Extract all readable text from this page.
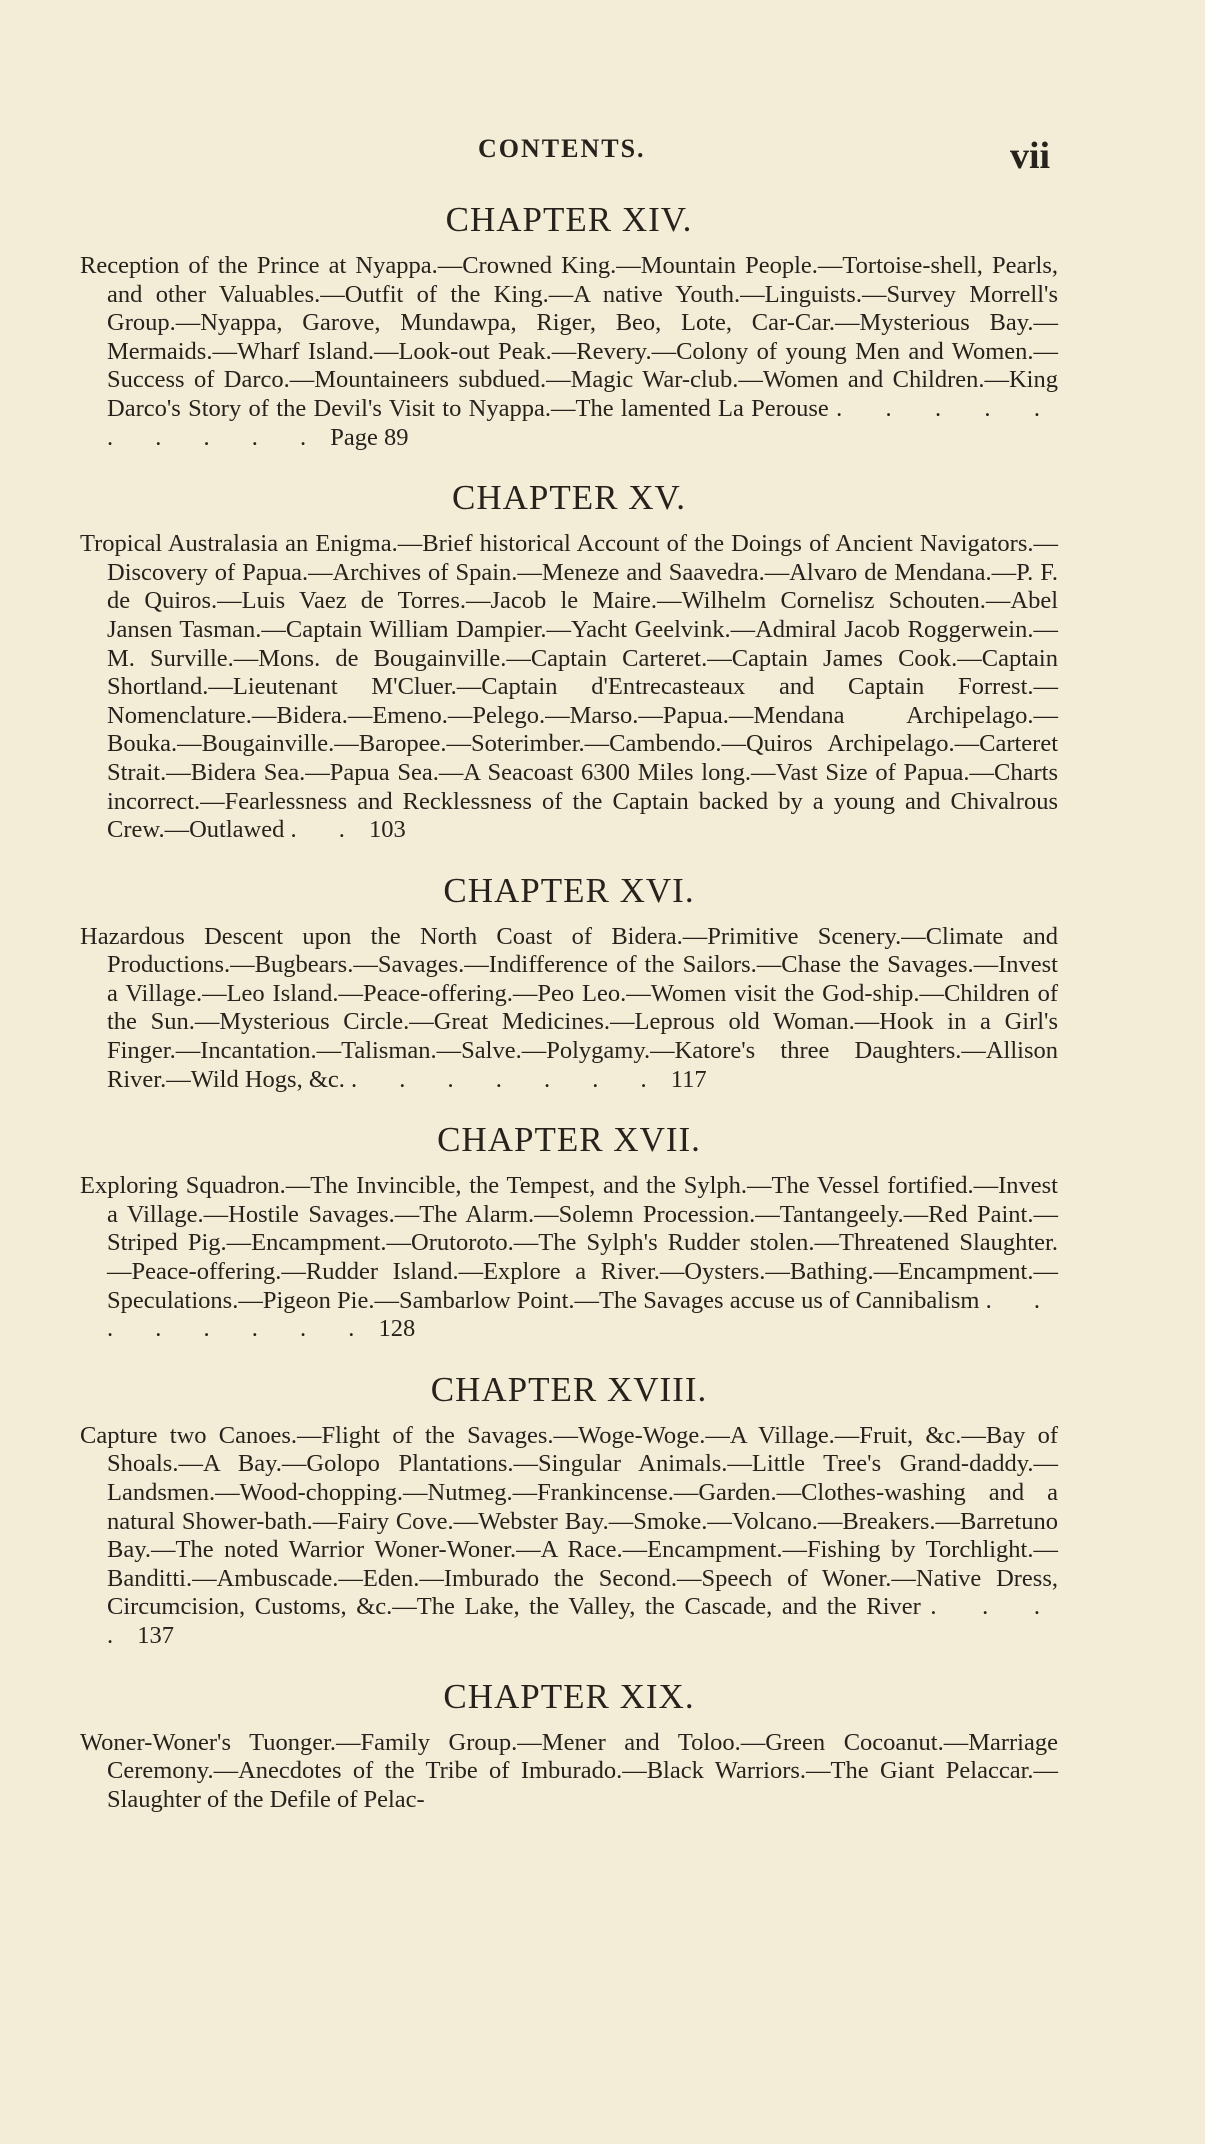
CONTENTS.	vii
CHAPTER XIV.

Reception of the Prince at Nyappa.—Crowned King.—Mountain People.—Tortoise-shell, Pearls, and other Valuables.—Outfit of the King.—A native Youth.—Linguists.—Survey Morrell's Group.—Nyappa, Garove, Mundawpa, Riger, Beo, Lote, Car-Car.—Mysterious Bay.—Mermaids.—Wharf Island.—Look-out Peak.—Revery.—Colony of young Men and Women.—Success of Darco.—Mountaineers subdued.—Magic War-club.—Women and Children.—King Darco's Story of the Devil's Visit to Nyappa.—The lamented La Perouse . . . . . . . . . . Page 89

CHAPTER XV.

Tropical Australasia an Enigma.—Brief historical Account of the Doings of Ancient Navigators.—Discovery of Papua.—Archives of Spain.—Meneze and Saavedra.—Alvaro de Mendana.—P. F. de Quiros.—Luis Vaez de Torres.—Jacob le Maire.—Wilhelm Cornelisz Schouten.—Abel Jansen Tasman.—Captain William Dampier.—Yacht Geelvink.—Admiral Jacob Roggerwein.—M. Surville.—Mons. de Bougainville.—Captain Carteret.—Captain James Cook.—Captain Shortland.—Lieutenant M'Cluer.—Captain d'Entrecasteaux and Captain Forrest.—Nomenclature.—Bidera.—Emeno.—Pelego.—Marso.—Papua.—Mendana Archipelago.—Bouka.—Bougainville.—Baropee.—Soterimber.—Cambendo.—Quiros Archipelago.—Carteret Strait.—Bidera Sea.—Papua Sea.—A Seacoast 6300 Miles long.—Vast Size of Papua.—Charts incorrect.—Fearlessness and Recklessness of the Captain backed by a young and Chivalrous Crew.—Outlawed . . 103

CHAPTER XVI.

Hazardous Descent upon the North Coast of Bidera.—Primitive Scenery.—Climate and Productions.—Bugbears.—Savages.—Indifference of the Sailors.—Chase the Savages.—Invest a Village.—Leo Island.—Peace-offering.—Peo Leo.—Women visit the God-ship.—Children of the Sun.—Mysterious Circle.—Great Medicines.—Leprous old Woman.—Hook in a Girl's Finger.—Incantation.—Talisman.—Salve.—Polygamy.—Katore's three Daughters.—Allison River.—Wild Hogs, &c. . . . . . . . 117

CHAPTER XVII.

Exploring Squadron.—The Invincible, the Tempest, and the Sylph.—The Vessel fortified.—Invest a Village.—Hostile Savages.—The Alarm.—Solemn Procession.—Tantangeely.—Red Paint.—Striped Pig.—Encampment.—Orutoroto.—The Sylph's Rudder stolen.—Threatened Slaughter.—Peace-offering.—Rudder Island.—Explore a River.—Oysters.—Bathing.—Encampment.—Speculations.—Pigeon Pie.—Sambarlow Point.—The Savages accuse us of Cannibalism . . . . . . . . 128

CHAPTER XVIII.

Capture two Canoes.—Flight of the Savages.—Woge-Woge.—A Village.—Fruit, &c.—Bay of Shoals.—A Bay.—Golopo Plantations.—Singular Animals.—Little Tree's Grand-daddy.—Landsmen.—Wood-chopping.—Nutmeg.—Frankincense.—Garden.—Clothes-washing and a natural Shower-bath.—Fairy Cove.—Webster Bay.—Smoke.—Volcano.—Breakers.—Barretuno Bay.—The noted Warrior Woner-Woner.—A Race.—Encampment.—Fishing by Torchlight.—Banditti.—Ambuscade.—Eden.—Imburado the Second.—Speech of Woner.—Native Dress, Circumcision, Customs, &c.—The Lake, the Valley, the Cascade, and the River . . . . 137

CHAPTER XIX.

Woner-Woner's Tuonger.—Family Group.—Mener and Toloo.—Green Cocoanut.—Marriage Ceremony.—Anecdotes of the Tribe of Imburado.—Black Warriors.—The Giant Pelaccar.—Slaughter of the Defile of Pelac-
